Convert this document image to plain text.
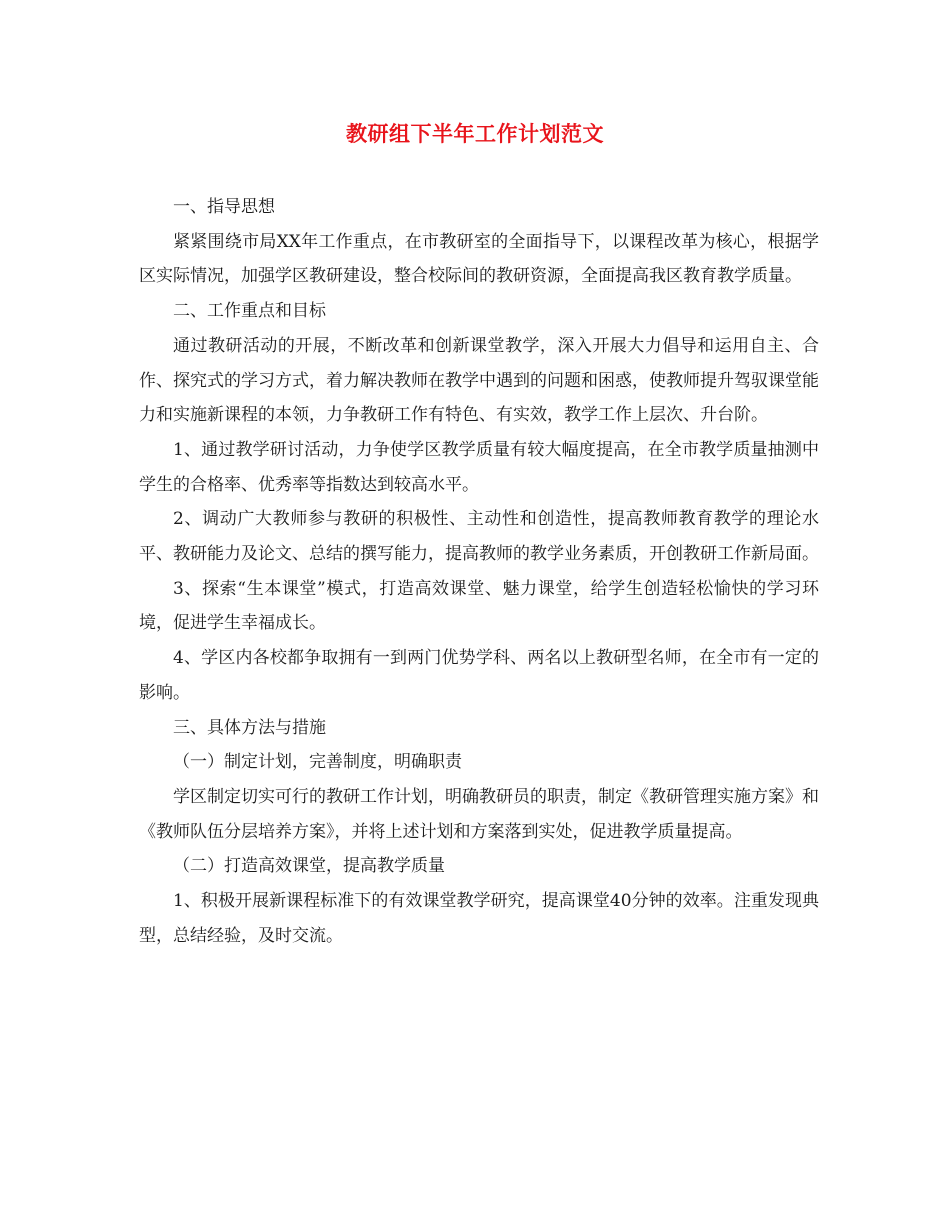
教研组下半年工作计划范文

一、指导思想

紧紧围绕市局XX年工作重点，在市教研室的全面指导下，以课程改革为核心，根据学区实际情况，加强学区教研建设，整合校际间的教研资源，全面提高我区教育教学质量。

二、工作重点和目标

通过教研活动的开展，不断改革和创新课堂教学，深入开展大力倡导和运用自主、合作、探究式的学习方式，着力解决教师在教学中遇到的问题和困惑，使教师提升驾驭课堂能力和实施新课程的本领，力争教研工作有特色、有实效，教学工作上层次、升台阶。

1、通过教学研讨活动，力争使学区教学质量有较大幅度提高，在全市教学质量抽测中学生的合格率、优秀率等指数达到较高水平。

2、调动广大教师参与教研的积极性、主动性和创造性，提高教师教育教学的理论水平、教研能力及论文、总结的撰写能力，提高教师的教学业务素质，开创教研工作新局面。

3、探索“生本课堂”模式，打造高效课堂、魅力课堂，给学生创造轻松愉快的学习环境，促进学生幸福成长。

4、学区内各校都争取拥有一到两门优势学科、两名以上教研型名师，在全市有一定的影响。

三、具体方法与措施

（一）制定计划，完善制度，明确职责

学区制定切实可行的教研工作计划，明确教研员的职责，制定《教研管理实施方案》和《教师队伍分层培养方案》，并将上述计划和方案落到实处，促进教学质量提高。

（二）打造高效课堂，提高教学质量

1、积极开展新课程标准下的有效课堂教学研究，提高课堂40分钟的效率。注重发现典型，总结经验，及时交流。
